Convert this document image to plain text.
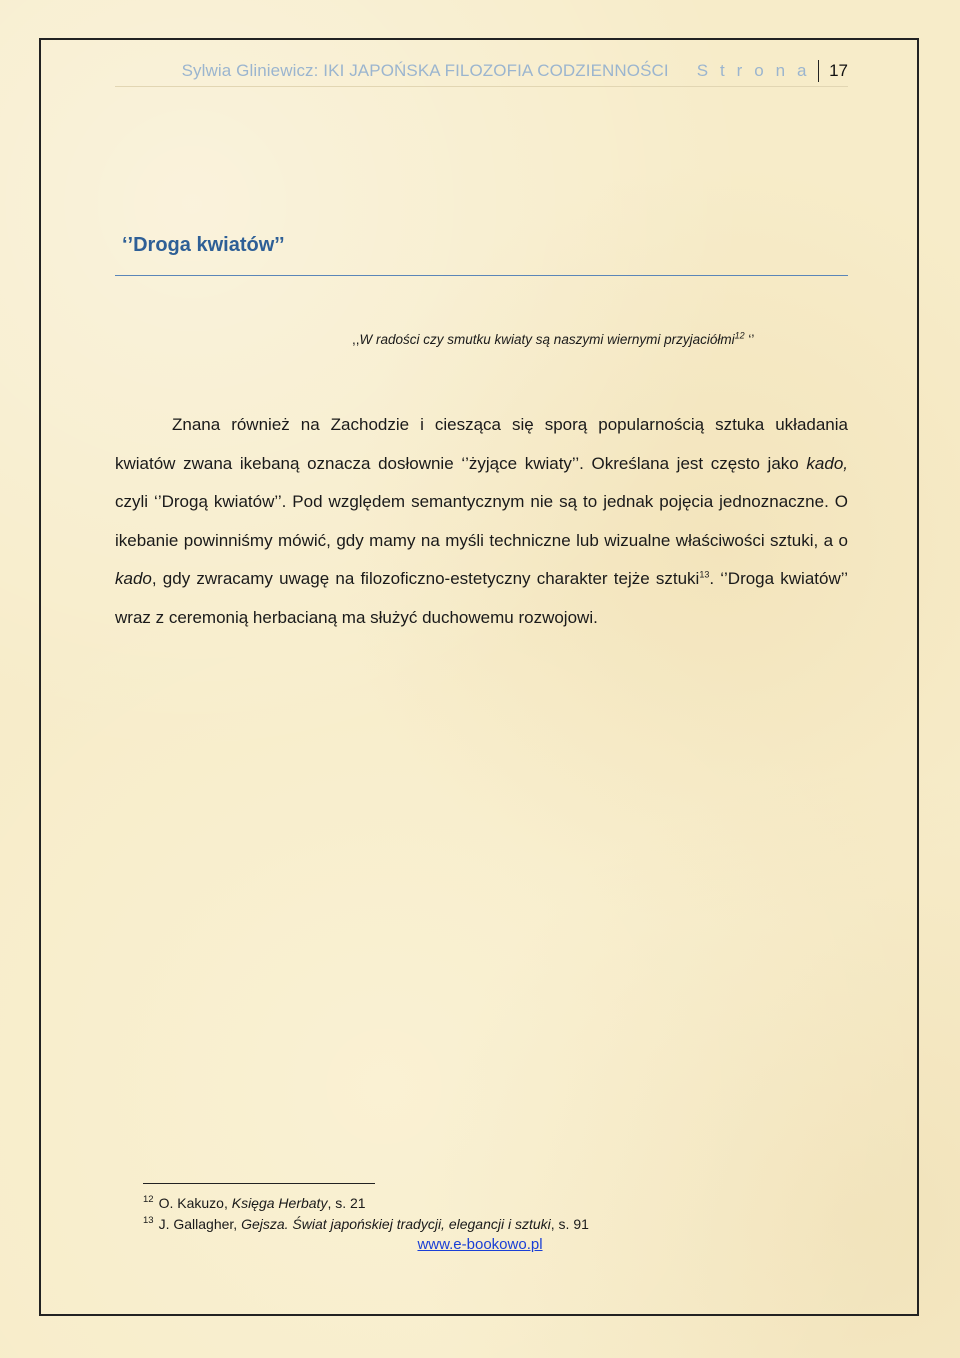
Sylwia Gliniewicz: IKI JAPOŃSKA FILOZOFIA CODZIENNOŚCI S t r o n a 17
‘’Droga kwiatów’’
,,W radości czy smutku kwiaty są naszymi wiernymi przyjaciółmi$^{12}$ ‘’

Znana również na Zachodzie i ciesząca się sporą popularnością sztuka układania kwiatów zwana ikebaną oznacza dosłownie ‘’żyjące kwiaty’’. Określana jest często jako kado, czyli ‘’Drogą kwiatów’’. Pod względem semantycznym nie są to jednak pojęcia jednoznaczne. O ikebanie powinniśmy mówić, gdy mamy na myśli techniczne lub wizualne właściwości sztuki, a o kado, gdy zwracamy uwagę na filozoficzno-estetyczny charakter tejże sztuki$^{13}$. ‘’Droga kwiatów’’ wraz z ceremonią herbacianą ma służyć duchowemu rozwojowi.

$^{12}$ O. Kakuzo, Księga Herbaty, s. 21
$^{13}$ J. Gallagher, Gejsza. Świat japońskiej tradycji, elegancji i sztuki, s. 91
www.e-bookowo.pl
